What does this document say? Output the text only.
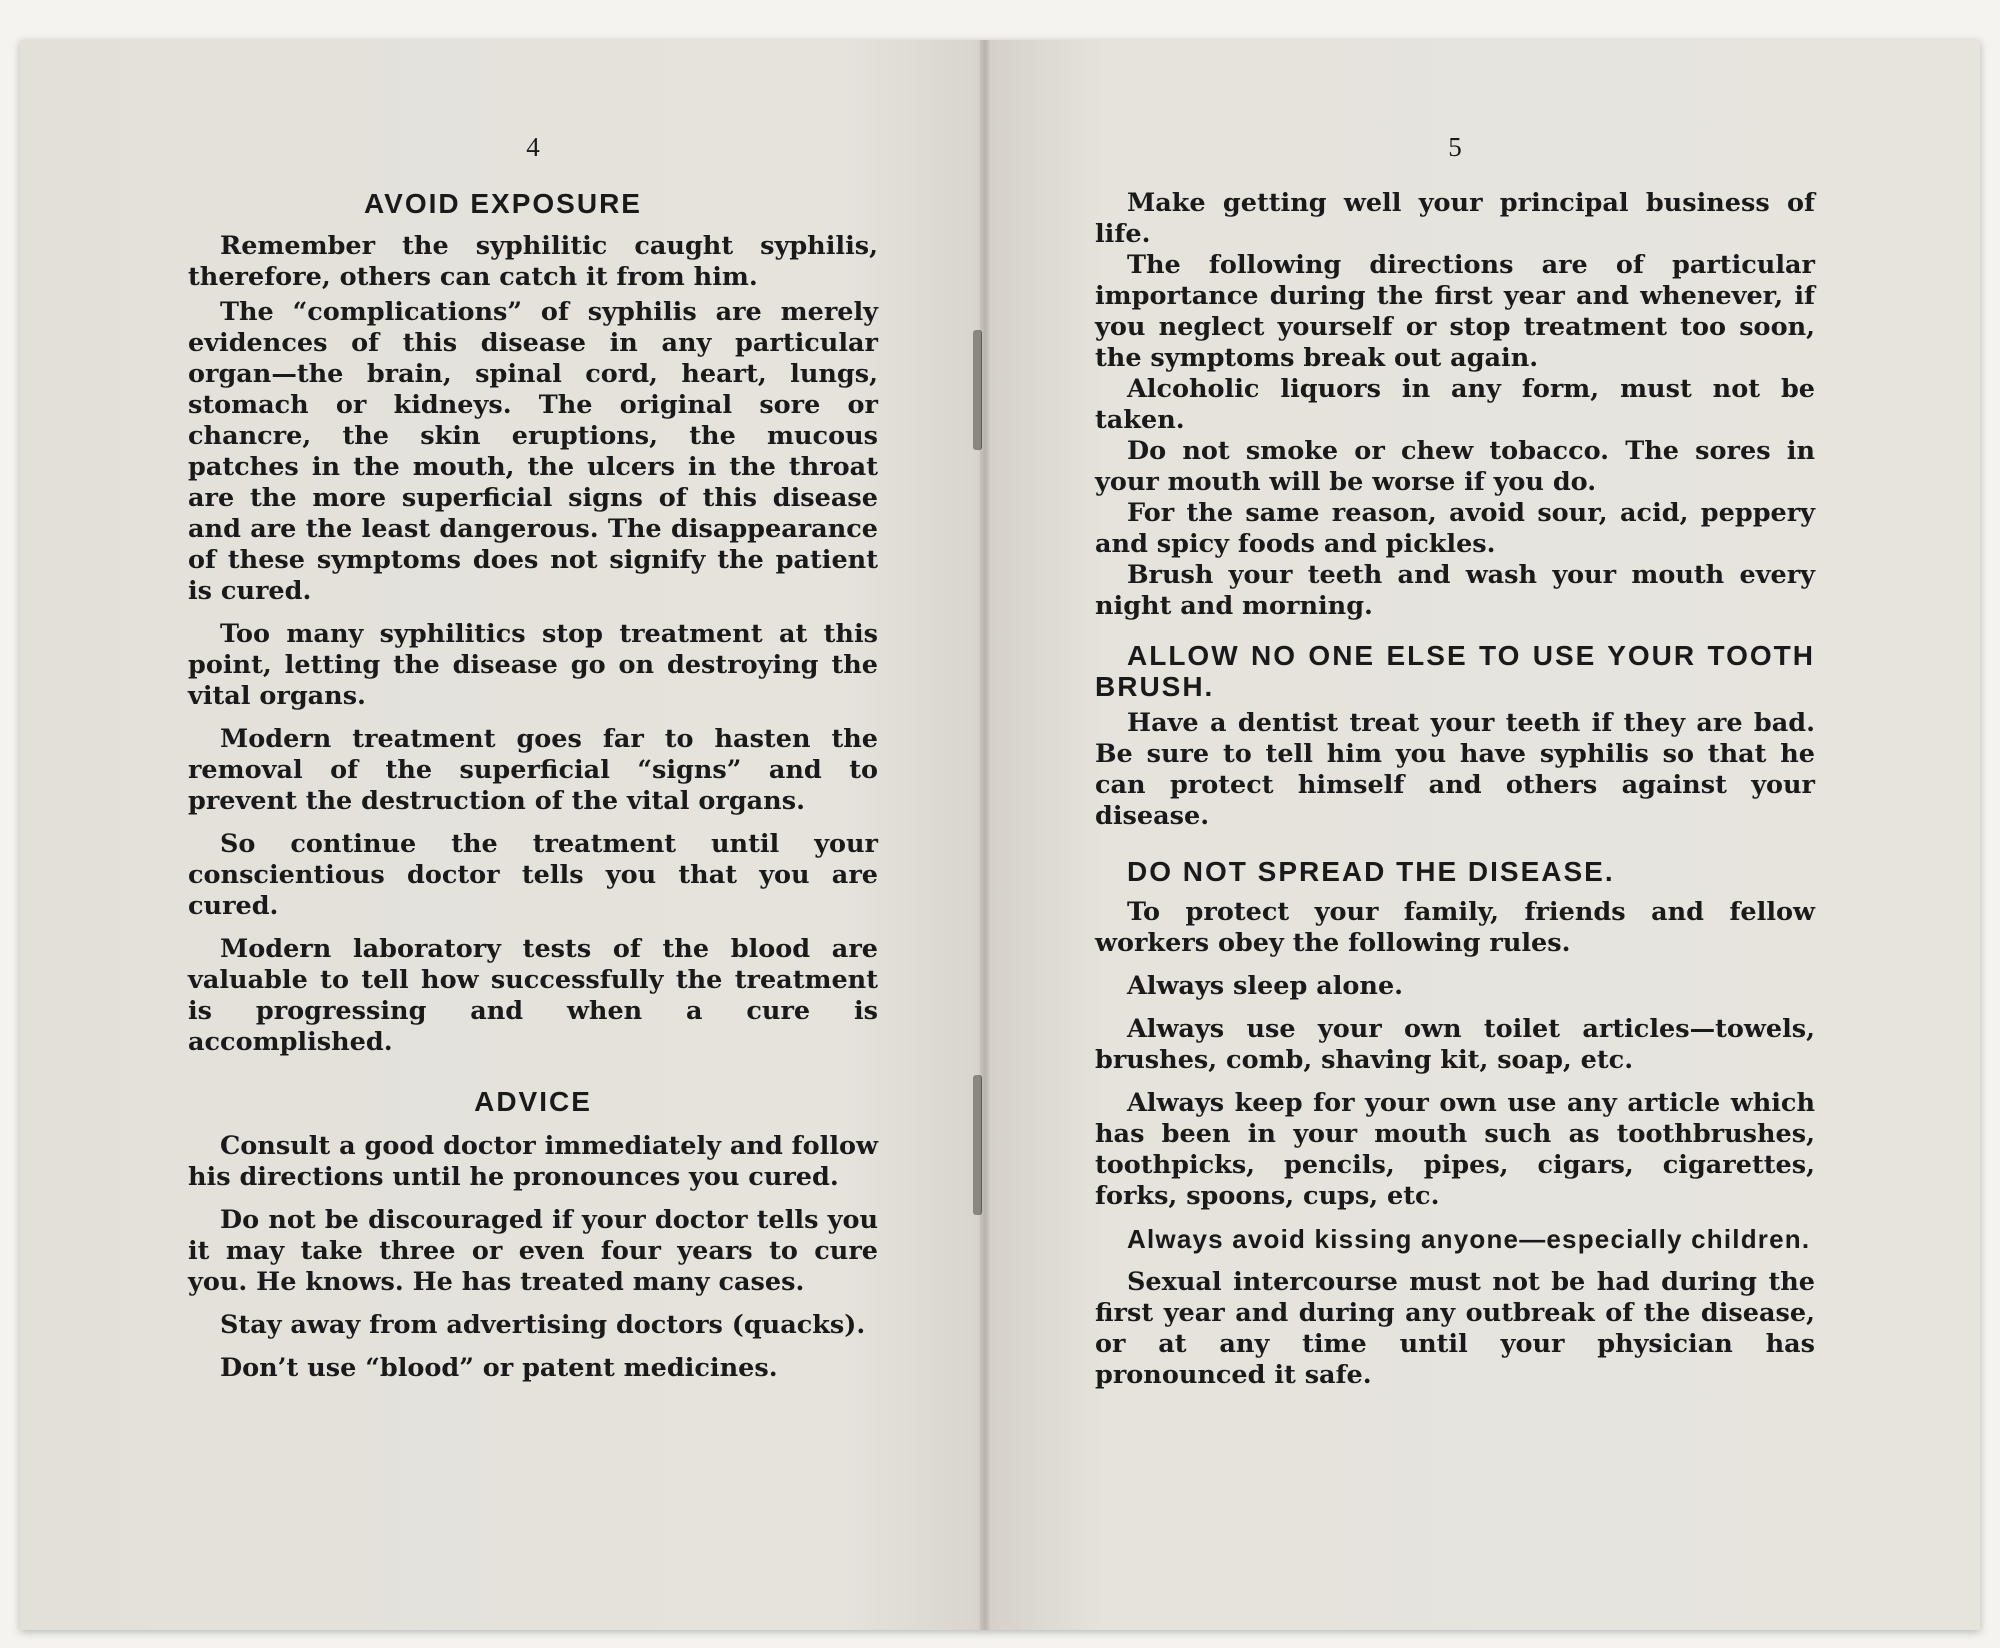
4

AVOID EXPOSURE

Remember the syphilitic caught syphilis, therefore, others can catch it from him.

The “complications” of syphilis are merely evidences of this disease in any particular organ—the brain, spinal cord, heart, lungs, stomach or kidneys. The original sore or chancre, the skin eruptions, the mucous patches in the mouth, the ulcers in the throat are the more superficial signs of this disease and are the least dangerous. The disappearance of these symptoms does not signify the patient is cured.

Too many syphilitics stop treatment at this point, letting the disease go on destroying the vital organs.

Modern treatment goes far to hasten the removal of the superficial “signs” and to prevent the destruction of the vital organs.

So continue the treatment until your conscientious doctor tells you that you are cured.

Modern laboratory tests of the blood are valuable to tell how successfully the treatment is progressing and when a cure is accomplished.

ADVICE

Consult a good doctor immediately and follow his directions until he pronounces you cured.

Do not be discouraged if your doctor tells you it may take three or even four years to cure you. He knows. He has treated many cases.

Stay away from advertising doctors (quacks).

Don’t use “blood” or patent medicines.

5

Make getting well your principal business of life.

The following directions are of particular importance during the first year and whenever, if you neglect yourself or stop treatment too soon, the symptoms break out again.

Alcoholic liquors in any form, must not be taken.

Do not smoke or chew tobacco. The sores in your mouth will be worse if you do.

For the same reason, avoid sour, acid, peppery and spicy foods and pickles.

Brush your teeth and wash your mouth every night and morning.

ALLOW NO ONE ELSE TO USE YOUR TOOTH BRUSH.

Have a dentist treat your teeth if they are bad. Be sure to tell him you have syphilis so that he can protect himself and others against your disease.

DO NOT SPREAD THE DISEASE.

To protect your family, friends and fellow workers obey the following rules.

Always sleep alone.

Always use your own toilet articles—towels, brushes, comb, shaving kit, soap, etc.

Always keep for your own use any article which has been in your mouth such as toothbrushes, toothpicks, pencils, pipes, cigars, cigarettes, forks, spoons, cups, etc.

Always avoid kissing anyone—especially children.

Sexual intercourse must not be had during the first year and during any outbreak of the disease, or at any time until your physician has pronounced it safe.
